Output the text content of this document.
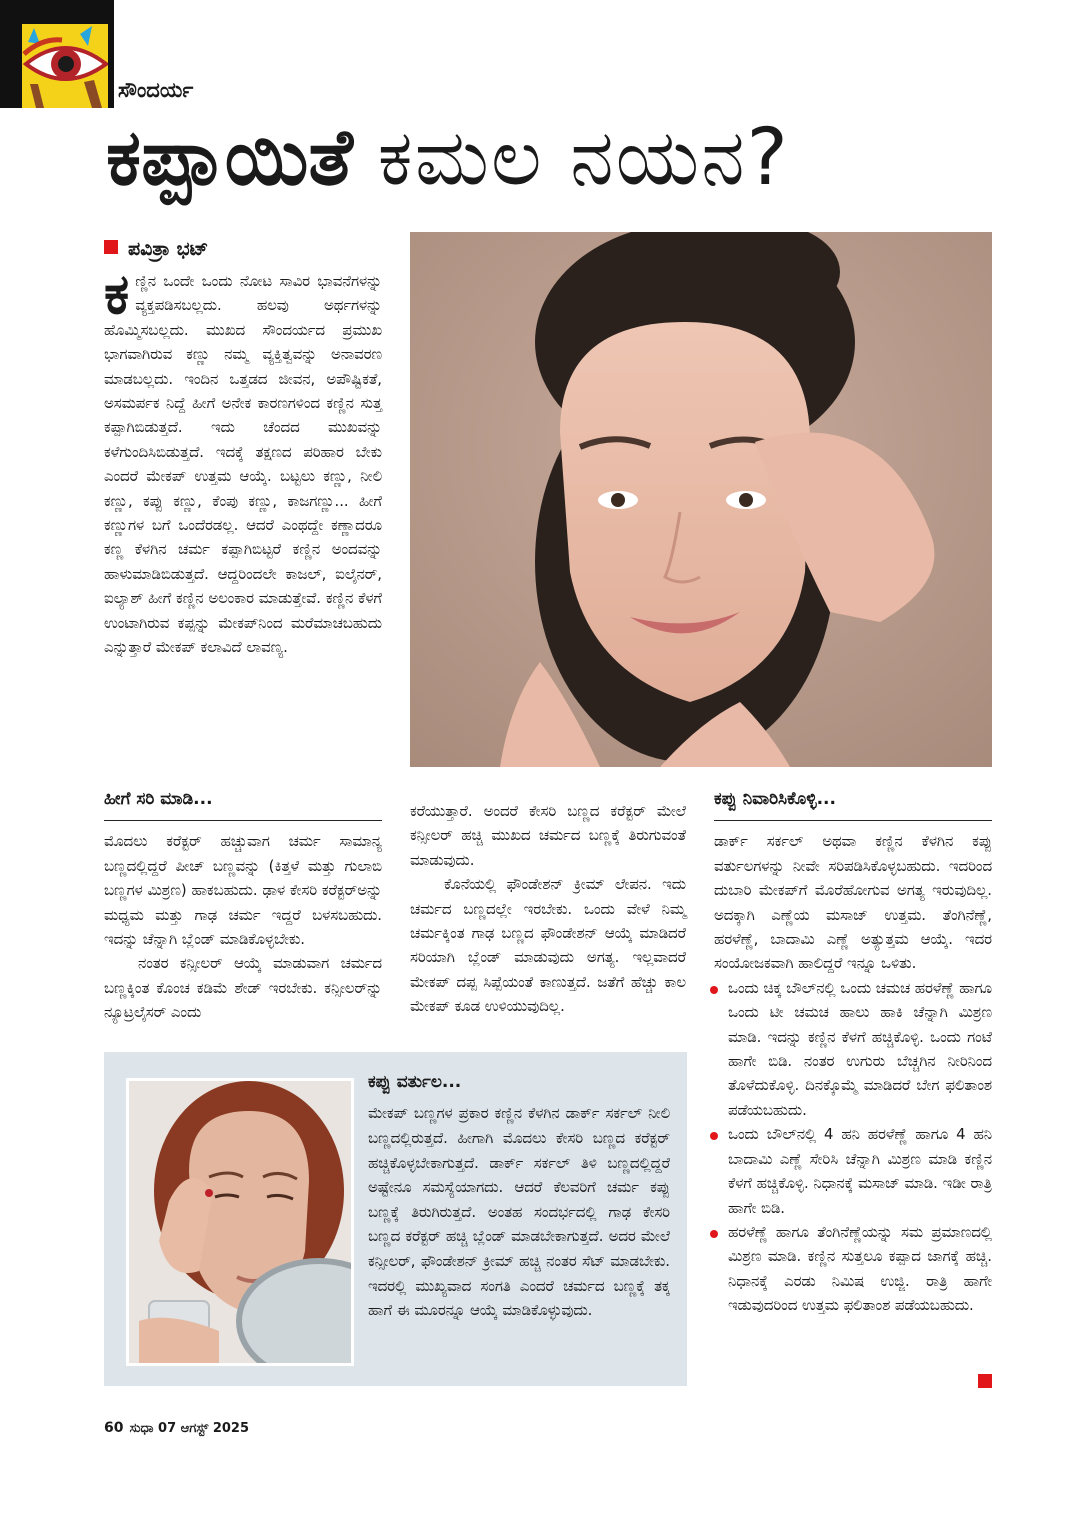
ಸೌಂದರ್ಯ
ಕಪ್ಪಾಯಿತೆ ಕಮಲ ನಯನ?
ಪವಿತ್ರಾ ಭಟ್

ಕಣ್ಣಿನ ಒಂದೇ ಒಂದು ನೋಟ ಸಾವಿರ ಭಾವನೆಗಳನ್ನು ವ್ಯಕ್ತಪಡಿಸಬಲ್ಲದು. ಹಲವು ಅರ್ಥಗಳನ್ನು ಹೊಮ್ಮಿಸಬಲ್ಲದು. ಮುಖದ ಸೌಂದರ್ಯದ ಪ್ರಮುಖ ಭಾಗವಾಗಿರುವ ಕಣ್ಣು ನಮ್ಮ ವ್ಯಕ್ತಿತ್ವವನ್ನು ಅನಾವರಣ ಮಾಡಬಲ್ಲದು. ಇಂದಿನ ಒತ್ತಡದ ಜೀವನ, ಅಪೌಷ್ಟಿಕತೆ, ಅಸಮರ್ಪಕ ನಿದ್ದೆ ಹೀಗೆ ಅನೇಕ ಕಾರಣಗಳಿಂದ ಕಣ್ಣಿನ ಸುತ್ತ ಕಪ್ಪಾಗಿಬಿಡುತ್ತದೆ. ಇದು ಚೆಂದದ ಮುಖವನ್ನು ಕಳೆಗುಂದಿಸಿಬಿಡುತ್ತದೆ. ಇದಕ್ಕೆ ತಕ್ಷಣದ ಪರಿಹಾರ ಬೇಕು ಎಂದರೆ ಮೇಕಪ್ ಉತ್ತಮ ಆಯ್ಕೆ. ಬಟ್ಟಲು ಕಣ್ಣು, ನೀಲಿ ಕಣ್ಣು, ಕಪ್ಪು ಕಣ್ಣು, ಕೆಂಪು ಕಣ್ಣು, ಕಾಜಗಣ್ಣು... ಹೀಗೆ ಕಣ್ಣುಗಳ ಬಗೆ ಒಂದೆರಡಲ್ಲ. ಆದರೆ ಎಂಥದ್ದೇ ಕಣ್ಣಾದರೂ ಕಣ್ಣ ಕೆಳಗಿನ ಚರ್ಮ ಕಪ್ಪಾಗಿಬಿಟ್ಟರೆ ಕಣ್ಣಿನ ಅಂದವನ್ನು ಹಾಳುಮಾಡಿಬಿಡುತ್ತದೆ. ಆದ್ದರಿಂದಲೇ ಕಾಜಲ್, ಐಲೈನರ್, ಐಲ್ಯಾಶ್ ಹೀಗೆ ಕಣ್ಣಿನ ಅಲಂಕಾರ ಮಾಡುತ್ತೇವೆ. ಕಣ್ಣಿನ ಕೆಳಗೆ ಉಂಟಾಗಿರುವ ಕಪ್ಪನ್ನು ಮೇಕಪ್‌ನಿಂದ ಮರೆಮಾಚಬಹುದು ಎನ್ನುತ್ತಾರೆ ಮೇಕಪ್ ಕಲಾವಿದೆ ಲಾವಣ್ಯ.

ಹೀಗೆ ಸರಿ ಮಾಡಿ...

ಮೊದಲು ಕರೆಕ್ಟರ್ ಹಚ್ಚುವಾಗ ಚರ್ಮ ಸಾಮಾನ್ಯ ಬಣ್ಣದಲ್ಲಿದ್ದರೆ ಪೀಚ್ ಬಣ್ಣವನ್ನು (ಕಿತ್ತಳೆ ಮತ್ತು ಗುಲಾಬಿ ಬಣ್ಣಗಳ ಮಿಶ್ರಣ) ಹಾಕಬಹುದು. ಢಾಳ ಕೇಸರಿ ಕರೆಕ್ಟರ್‌ಅನ್ನು ಮಧ್ಯಮ ಮತ್ತು ಗಾಢ ಚರ್ಮ ಇದ್ದರೆ ಬಳಸಬಹುದು. ಇದನ್ನು ಚೆನ್ನಾಗಿ ಬ್ಲೆಂಡ್ ಮಾಡಿಕೊಳ್ಳಬೇಕು.

ನಂತರ ಕನ್ಸೀಲರ್ ಆಯ್ಕೆ ಮಾಡುವಾಗ ಚರ್ಮದ ಬಣ್ಣಕ್ಕಿಂತ ಕೊಂಚ ಕಡಿಮೆ ಶೇಡ್ ಇರಬೇಕು. ಕನ್ಸೀಲರ್‌ನ್ನು ನ್ಯೂಟ್ರಲೈಸರ್ ಎಂದು

ಕರೆಯುತ್ತಾರೆ. ಅಂದರೆ ಕೇಸರಿ ಬಣ್ಣದ ಕರೆಕ್ಟರ್ ಮೇಲೆ ಕನ್ಸೀಲರ್ ಹಚ್ಚಿ ಮುಖದ ಚರ್ಮದ ಬಣ್ಣಕ್ಕೆ ತಿರುಗುವಂತೆ ಮಾಡುವುದು.

ಕೊನೆಯಲ್ಲಿ ಫೌಂಡೇಶನ್ ಕ್ರೀಮ್ ಲೇಪನ. ಇದು ಚರ್ಮದ ಬಣ್ಣದಲ್ಲೇ ಇರಬೇಕು. ಒಂದು ವೇಳೆ ನಿಮ್ಮ ಚರ್ಮಕ್ಕಿಂತ ಗಾಢ ಬಣ್ಣದ ಫೌಂಡೇಶನ್ ಆಯ್ಕೆ ಮಾಡಿದರೆ ಸರಿಯಾಗಿ ಬ್ಲೆಂಡ್ ಮಾಡುವುದು ಅಗತ್ಯ. ಇಲ್ಲವಾದರೆ ಮೇಕಪ್ ದಪ್ಪ ಸಿಪ್ಪೆಯಂತೆ ಕಾಣುತ್ತದೆ. ಜತೆಗೆ ಹೆಚ್ಚು ಕಾಲ ಮೇಕಪ್ ಕೂಡ ಉಳಿಯುವುದಿಲ್ಲ.

ಕಪ್ಪು ವರ್ತುಲ...

ಮೇಕಪ್ ಬಣ್ಣಗಳ ಪ್ರಕಾರ ಕಣ್ಣಿನ ಕೆಳಗಿನ ಡಾರ್ಕ್ ಸರ್ಕಲ್ ನೀಲಿ ಬಣ್ಣದಲ್ಲಿರುತ್ತದೆ. ಹೀಗಾಗಿ ಮೊದಲು ಕೇಸರಿ ಬಣ್ಣದ ಕರೆಕ್ಟರ್ ಹಚ್ಚಿಕೊಳ್ಳಬೇಕಾಗುತ್ತದೆ. ಡಾರ್ಕ್ ಸರ್ಕಲ್ ತಿಳಿ ಬಣ್ಣದಲ್ಲಿದ್ದರೆ ಅಷ್ಟೇನೂ ಸಮಸ್ಯೆಯಾಗದು. ಆದರೆ ಕೆಲವರಿಗೆ ಚರ್ಮ ಕಪ್ಪು ಬಣ್ಣಕ್ಕೆ ತಿರುಗಿರುತ್ತದೆ. ಅಂತಹ ಸಂದರ್ಭದಲ್ಲಿ ಗಾಢ ಕೇಸರಿ ಬಣ್ಣದ ಕರೆಕ್ಟರ್ ಹಚ್ಚಿ ಬ್ಲೆಂಡ್ ಮಾಡಬೇಕಾಗುತ್ತದೆ. ಅದರ ಮೇಲೆ ಕನ್ಸೀಲರ್, ಫೌಂಡೇಶನ್ ಕ್ರೀಮ್ ಹಚ್ಚಿ ನಂತರ ಸೆಟ್ ಮಾಡಬೇಕು. ಇದರಲ್ಲಿ ಮುಖ್ಯವಾದ ಸಂಗತಿ ಎಂದರೆ ಚರ್ಮದ ಬಣ್ಣಕ್ಕೆ ತಕ್ಕ ಹಾಗೆ ಈ ಮೂರನ್ನೂ ಆಯ್ಕೆ ಮಾಡಿಕೊಳ್ಳುವುದು.

ಕಪ್ಪು ನಿವಾರಿಸಿಕೊಳ್ಳಿ...

ಡಾರ್ಕ್ ಸರ್ಕಲ್ ಅಥವಾ ಕಣ್ಣಿನ ಕೆಳಗಿನ ಕಪ್ಪು ವರ್ತುಲಗಳನ್ನು ನೀವೇ ಸರಿಪಡಿಸಿಕೊಳ್ಳಬಹುದು. ಇದರಿಂದ ದುಬಾರಿ ಮೇಕಪ್‌ಗೆ ಮೊರೆಹೋಗುವ ಅಗತ್ಯ ಇರುವುದಿಲ್ಲ. ಅದಕ್ಕಾಗಿ ಎಣ್ಣೆಯ ಮಸಾಜ್ ಉತ್ತಮ. ತೆಂಗಿನೆಣ್ಣೆ, ಹರಳೆಣ್ಣೆ, ಬಾದಾಮಿ ಎಣ್ಣೆ ಅತ್ಯುತ್ತಮ ಆಯ್ಕೆ. ಇದರ ಸಂಯೋಜಕವಾಗಿ ಹಾಲಿದ್ದರೆ ಇನ್ನೂ ಒಳಿತು.

ಒಂದು ಚಿಕ್ಕ ಬೌಲ್‌ನಲ್ಲಿ ಒಂದು ಚಮಚ ಹರಳೆಣ್ಣೆ ಹಾಗೂ ಒಂದು ಟೀ ಚಮಚ ಹಾಲು ಹಾಕಿ ಚೆನ್ನಾಗಿ ಮಿಶ್ರಣ ಮಾಡಿ. ಇದನ್ನು ಕಣ್ಣಿನ ಕೆಳಗೆ ಹಚ್ಚಿಕೊಳ್ಳಿ. ಒಂದು ಗಂಟೆ ಹಾಗೇ ಬಿಡಿ. ನಂತರ ಉಗುರು ಬೆಚ್ಚಗಿನ ನೀರಿನಿಂದ ತೊಳೆದುಕೊಳ್ಳಿ. ದಿನಕ್ಕೊಮ್ಮೆ ಮಾಡಿದರೆ ಬೇಗ ಫಲಿತಾಂಶ ಪಡೆಯಬಹುದು.

ಒಂದು ಬೌಲ್‌ನಲ್ಲಿ 4 ಹನಿ ಹರಳೆಣ್ಣೆ ಹಾಗೂ 4 ಹನಿ ಬಾದಾಮಿ ಎಣ್ಣೆ ಸೇರಿಸಿ ಚೆನ್ನಾಗಿ ಮಿಶ್ರಣ ಮಾಡಿ ಕಣ್ಣಿನ ಕೆಳಗೆ ಹಚ್ಚಿಕೊಳ್ಳಿ. ನಿಧಾನಕ್ಕೆ ಮಸಾಜ್ ಮಾಡಿ. ಇಡೀ ರಾತ್ರಿ ಹಾಗೇ ಬಿಡಿ.

ಹರಳೆಣ್ಣೆ ಹಾಗೂ ತೆಂಗಿನೆಣ್ಣೆಯನ್ನು ಸಮ ಪ್ರಮಾಣದಲ್ಲಿ ಮಿಶ್ರಣ ಮಾಡಿ. ಕಣ್ಣಿನ ಸುತ್ತಲೂ ಕಪ್ಪಾದ ಜಾಗಕ್ಕೆ ಹಚ್ಚಿ. ನಿಧಾನಕ್ಕೆ ಎರಡು ನಿಮಿಷ ಉಜ್ಜಿ. ರಾತ್ರಿ ಹಾಗೇ ಇಡುವುದರಿಂದ ಉತ್ತಮ ಫಲಿತಾಂಶ ಪಡೆಯಬಹುದು.

60 ಸುಧಾ 07 ಆಗಸ್ಟ್ 2025
